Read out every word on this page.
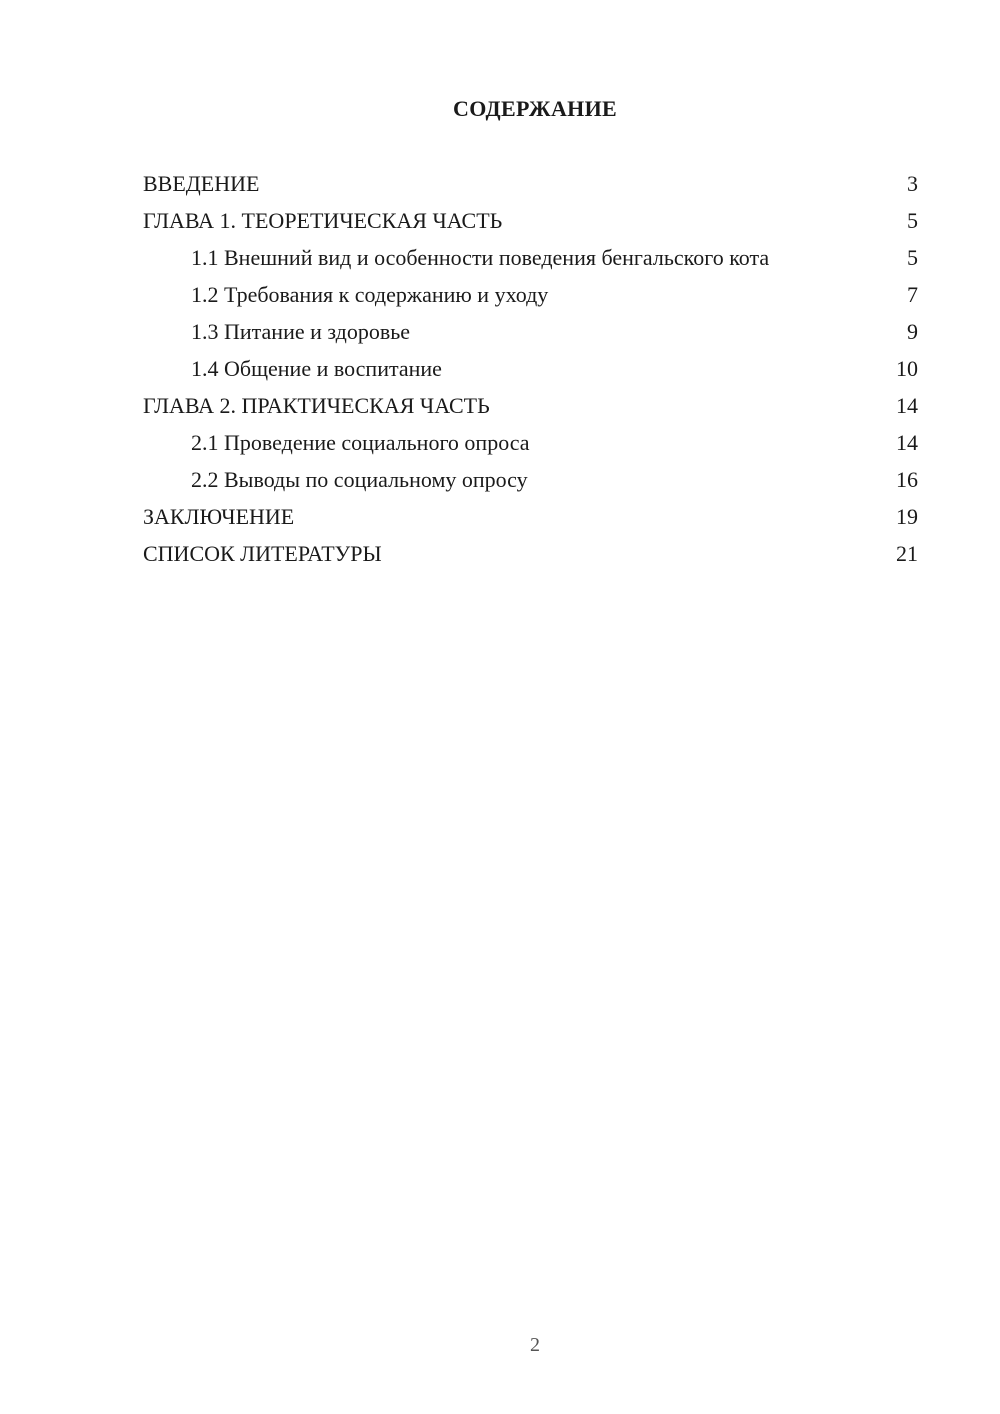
СОДЕРЖАНИЕ
ВВЕДЕНИЕ	3
ГЛАВА 1. ТЕОРЕТИЧЕСКАЯ ЧАСТЬ	5
1.1 Внешний вид и особенности поведения бенгальского кота	5
1.2 Требования к содержанию и уходу	7
1.3 Питание и здоровье	9
1.4 Общение и воспитание	10
ГЛАВА 2. ПРАКТИЧЕСКАЯ ЧАСТЬ	14
2.1 Проведение социального опроса	14
2.2 Выводы по социальному опросу	16
ЗАКЛЮЧЕНИЕ	19
СПИСОК ЛИТЕРАТУРЫ	21
2
